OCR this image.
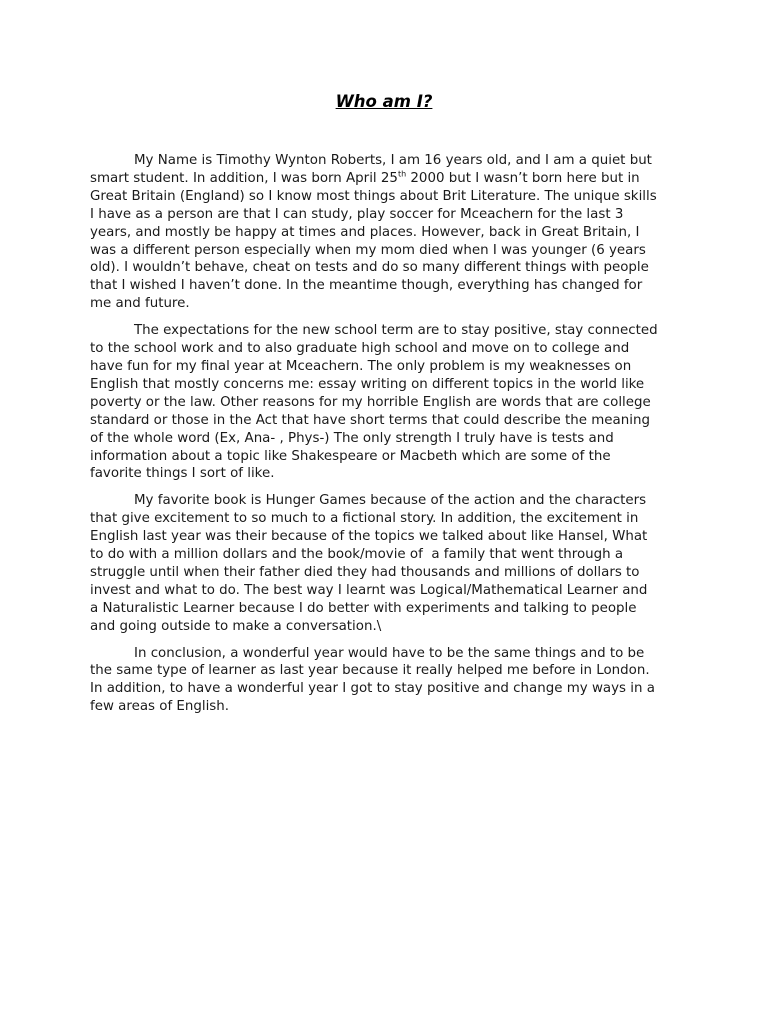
Who am I?

My Name is Timothy Wynton Roberts, I am 16 years old, and I am a quiet but
smart student. In addition, I was born April 25th 2000 but I wasn’t born here but in
Great Britain (England) so I know most things about Brit Literature. The unique skills
I have as a person are that I can study, play soccer for Mceachern for the last 3
years, and mostly be happy at times and places. However, back in Great Britain, I
was a different person especially when my mom died when I was younger (6 years
old). I wouldn’t behave, cheat on tests and do so many different things with people
that I wished I haven’t done. In the meantime though, everything has changed for
me and future.

The expectations for the new school term are to stay positive, stay connected
to the school work and to also graduate high school and move on to college and
have fun for my final year at Mceachern. The only problem is my weaknesses on
English that mostly concerns me: essay writing on different topics in the world like
poverty or the law. Other reasons for my horrible English are words that are college
standard or those in the Act that have short terms that could describe the meaning
of the whole word (Ex, Ana- , Phys-) The only strength I truly have is tests and
information about a topic like Shakespeare or Macbeth which are some of the
favorite things I sort of like.

My favorite book is Hunger Games because of the action and the characters
that give excitement to so much to a fictional story. In addition, the excitement in
English last year was their because of the topics we talked about like Hansel, What
to do with a million dollars and the book/movie of  a family that went through a
struggle until when their father died they had thousands and millions of dollars to
invest and what to do. The best way I learnt was Logical/Mathematical Learner and
a Naturalistic Learner because I do better with experiments and talking to people
and going outside to make a conversation.\

In conclusion, a wonderful year would have to be the same things and to be
the same type of learner as last year because it really helped me before in London.
In addition, to have a wonderful year I got to stay positive and change my ways in a
few areas of English.
